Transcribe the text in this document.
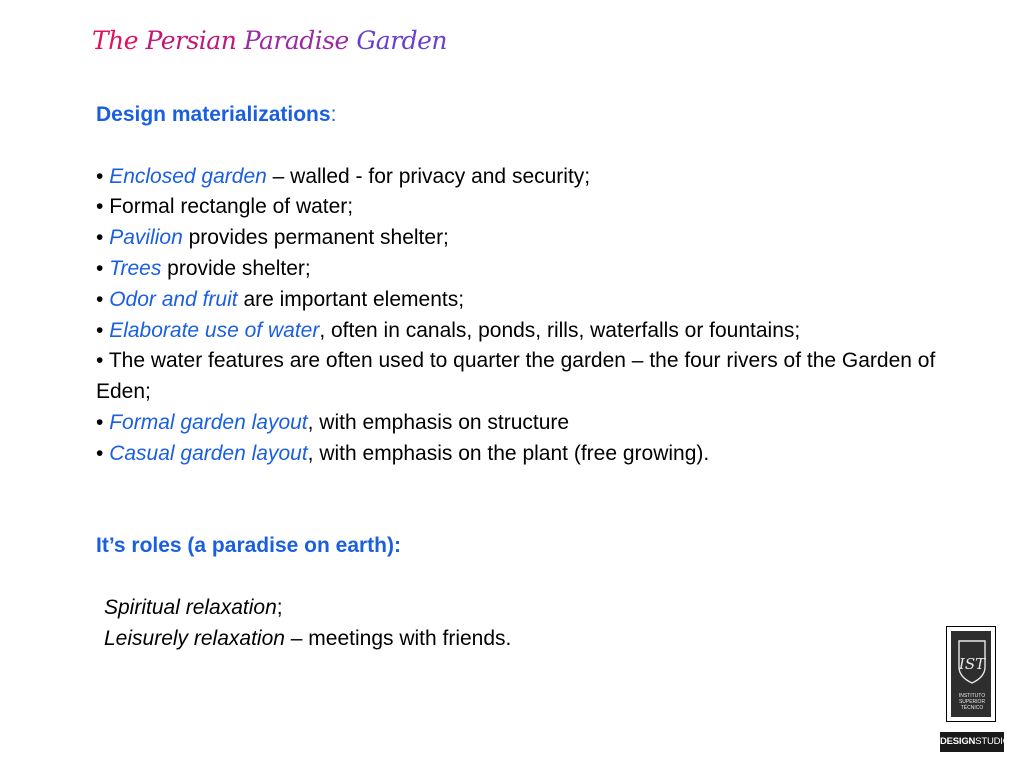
The Persian Paradise Garden
Design materializations:
• Enclosed garden – walled - for privacy and security;
• Formal rectangle of water;
• Pavilion provides permanent shelter;
• Trees provide shelter;
• Odor and fruit are important elements;
• Elaborate use of water, often in canals, ponds, rills, waterfalls or fountains;
• The water features are often used to quarter the garden – the four rivers of the Garden of Eden;
• Formal garden layout, with emphasis on structure
• Casual garden layout, with emphasis on the plant (free growing).
It’s roles (a paradise on earth):
Spiritual relaxation;
Leisurely relaxation – meetings with friends.
IST
INSTITUTO
SUPERIOR
TÉCNICO
DESIGNSTUDIO
